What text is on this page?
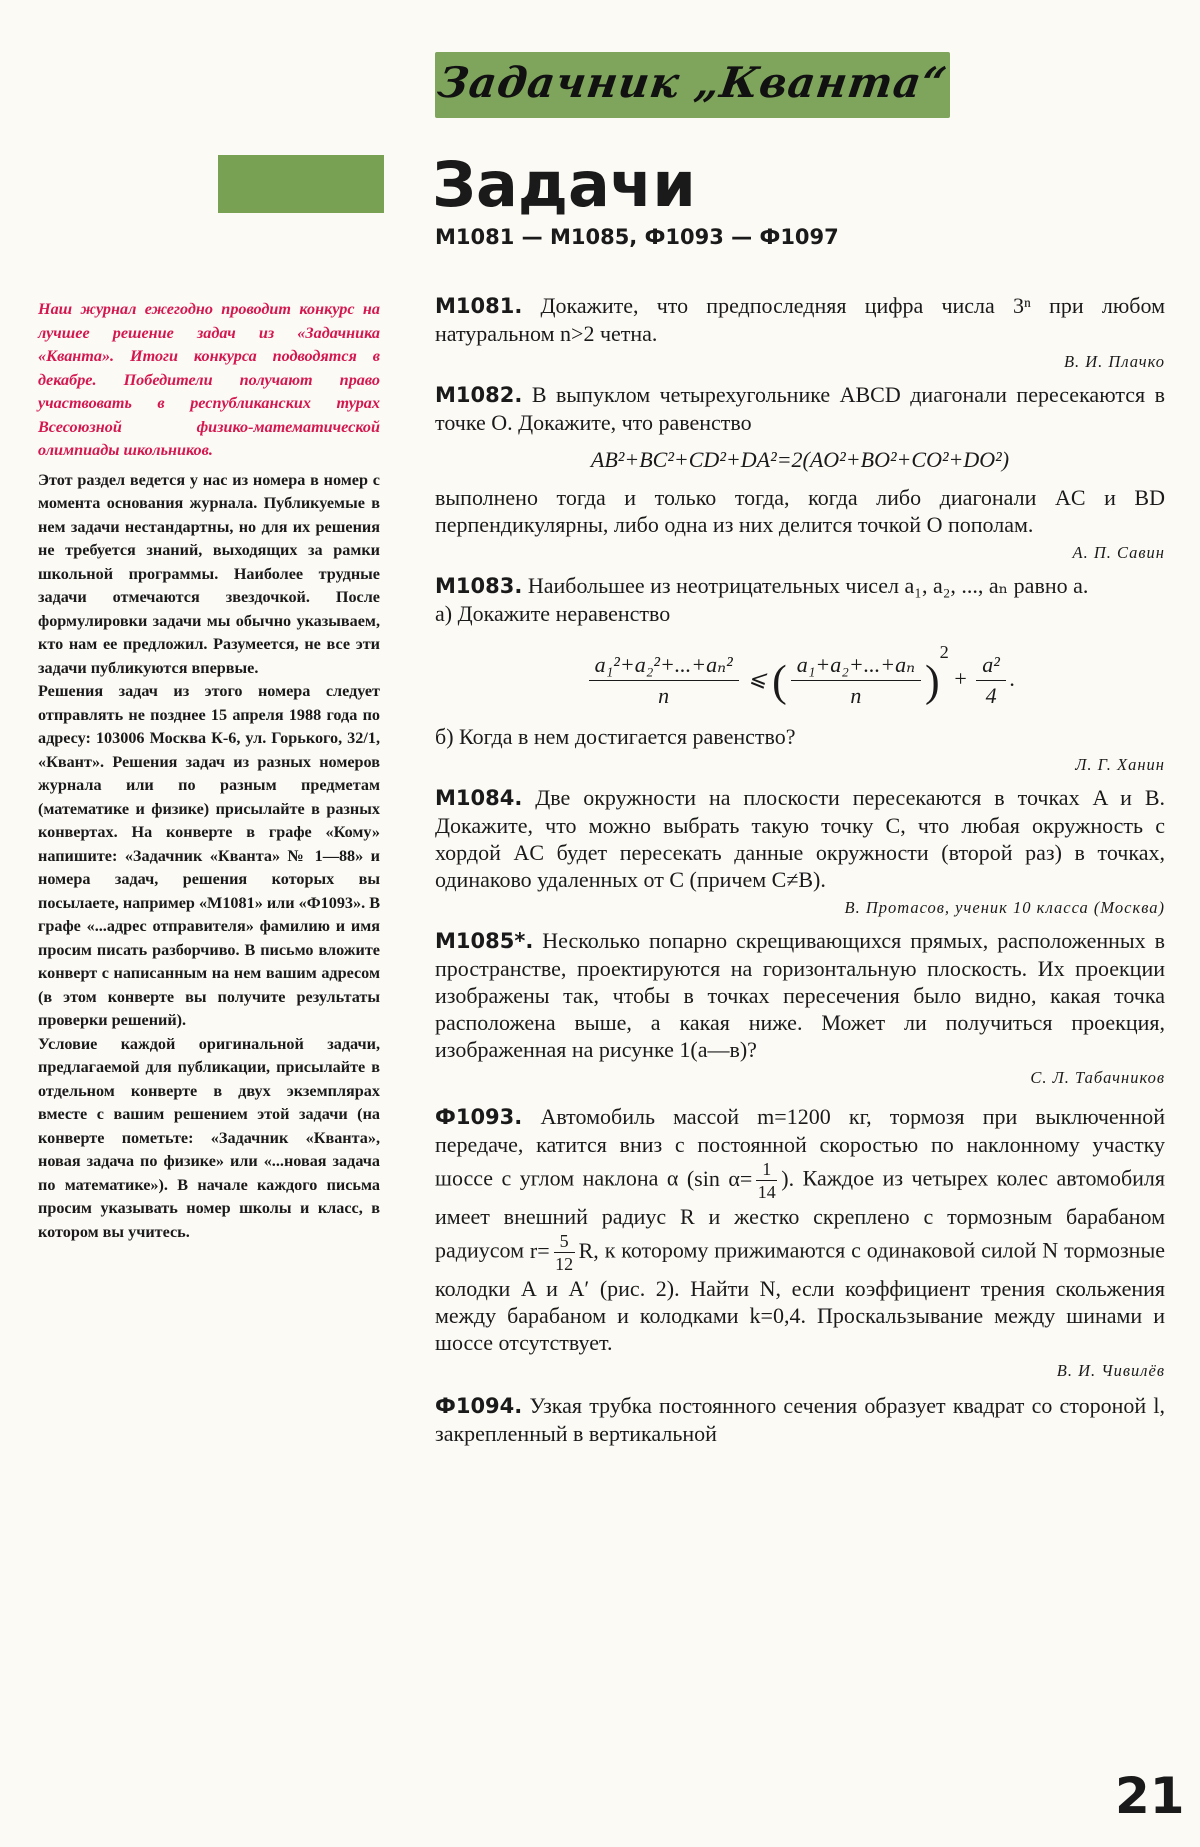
Задачник „Кванта“
Задачи
М1081 — М1085, Ф1093 — Ф1097

Наш журнал ежегодно проводит конкурс на лучшее решение задач из «Задачника «Кванта». Итоги конкурса подводятся в декабре. Победители получают право участвовать в республиканских турах Всесоюзной физико-математической олимпиады школьников.

Этот раздел ведется у нас из номера в номер с момента основания журнала. Публикуемые в нем задачи нестандартны, но для их решения не требуется знаний, выходящих за рамки школьной программы. Наиболее трудные задачи отмечаются звездочкой. После формулировки задачи мы обычно указываем, кто нам ее предложил. Разумеется, не все эти задачи публикуются впервые.

Решения задач из этого номера следует отправлять не позднее 15 апреля 1988 года по адресу: 103006 Москва К-6, ул. Горького, 32/1, «Квант». Решения задач из разных номеров журнала или по разным предметам (математике и физике) присылайте в разных конвертах. На конверте в графе «Кому» напишите: «Задачник «Кванта» № 1—88» и номера задач, решения которых вы посылаете, например «М1081» или «Ф1093». В графе «...адрес отправителя» фамилию и имя просим писать разборчиво. В письмо вложите конверт с написанным на нем вашим адресом (в этом конверте вы получите результаты проверки решений).

Условие каждой оригинальной задачи, предлагаемой для публикации, присылайте в отдельном конверте в двух экземплярах вместе с вашим решением этой задачи (на конверте пометьте: «Задачник «Кванта», новая задача по физике» или «...новая задача по математике»). В начале каждого письма просим указывать номер школы и класс, в котором вы учитесь.

М1081. Докажите, что предпоследняя цифра числа 3ⁿ при любом натуральном n>2 четна.

В. И. Плачко

М1082. В выпуклом четырехугольнике ABCD диагонали пересекаются в точке O. Докажите, что равенство

AB²+BC²+CD²+DA²=2(AO²+BO²+CO²+DO²)

выполнено тогда и только тогда, когда либо диагонали AC и BD перпендикулярны, либо одна из них делится точкой O пополам.

А. П. Савин

М1083. Наибольшее из неотрицательных чисел a₁, a₂, ..., aₙ равно a.

а) Докажите неравенство

$\frac{\text{a₁²+a₂²+...+aₙ²}}{n}$ ⩽ ( $\frac{\text{a₁+a₂+...+aₙ}}{n} )^2 + \frac{\text{a²}}{4}$ .

б) Когда в нем достигается равенство?

Л. Г. Ханин

М1084. Две окружности на плоскости пересекаются в точках A и B. Докажите, что можно выбрать такую точку C, что любая окружность с хордой AC будет пересекать данные окружности (второй раз) в точках, одинаково удаленных от C (причем C≠B).

В. Протасов, ученик 10 класса (Москва)

М1085*. Несколько попарно скрещивающихся прямых, расположенных в пространстве, проектируются на горизонтальную плоскость. Их проекции изображены так, чтобы в точках пересечения было видно, какая точка расположена выше, а какая ниже. Может ли получиться проекция, изображенная на рисунке 1(а—в)?

С. Л. Табачников

Ф1093. Автомобиль массой m=1200 кг, тормозя при выключенной передаче, катится вниз с постоянной скоростью по наклонному участку шоссе с углом наклона α (sin $\alpha= \frac{1}{14}$ ). Каждое из четырех колес автомобиля имеет внешний радиус R и жестко скреплено с тормозным барабаном радиусом $r= \frac{5}{12} R$, к которому прижимаются с одинаковой силой N тормозные колодки A и A′ (рис. 2). Найти N, если коэффициент трения скольжения между барабаном и колодками k=0,4. Проскальзывание между шинами и шоссе отсутствует.

В. И. Чивилёв

Ф1094. Узкая трубка постоянного сечения образует квадрат со стороной l, закрепленный в вертикальной

21
